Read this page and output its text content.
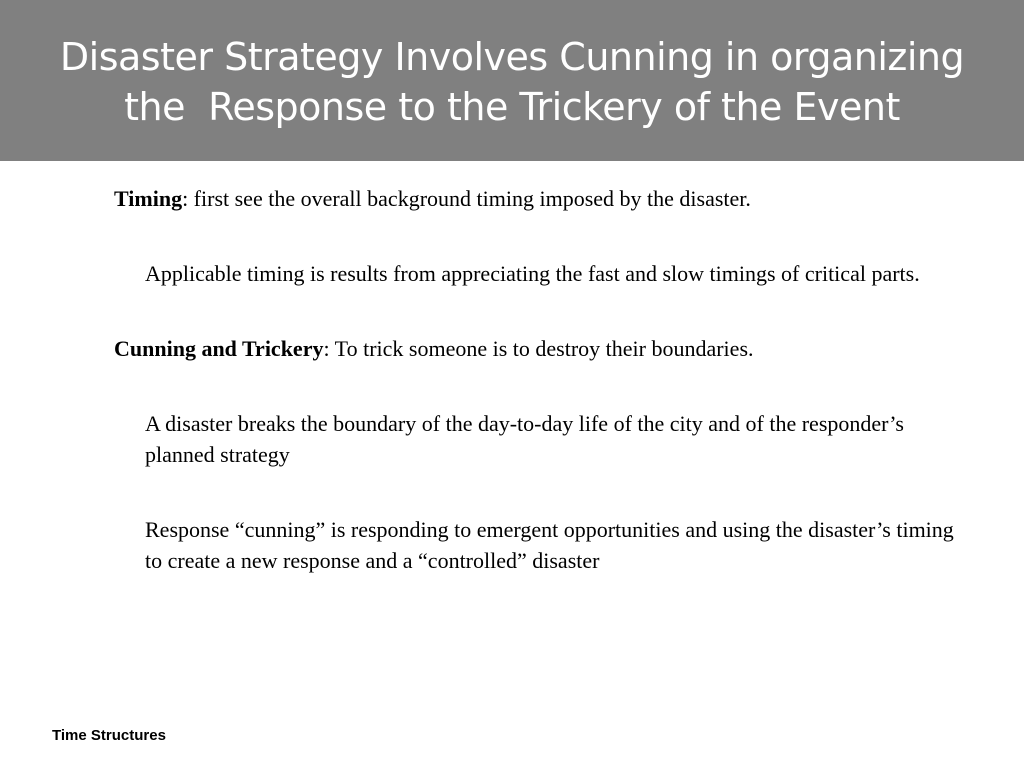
Disaster Strategy Involves Cunning in organizing
the  Response to the Trickery of the Event

Timing: first see the overall background timing imposed by the disaster.

Applicable timing is results from appreciating the fast and slow timings of critical parts.

Cunning and Trickery: To trick someone is to destroy their boundaries.

A disaster breaks the boundary of the day-to-day life of the city and of the responder’s planned strategy

Response “cunning” is responding to emergent opportunities and using the disaster’s timing to create a new response and a “controlled” disaster

Time Structures
